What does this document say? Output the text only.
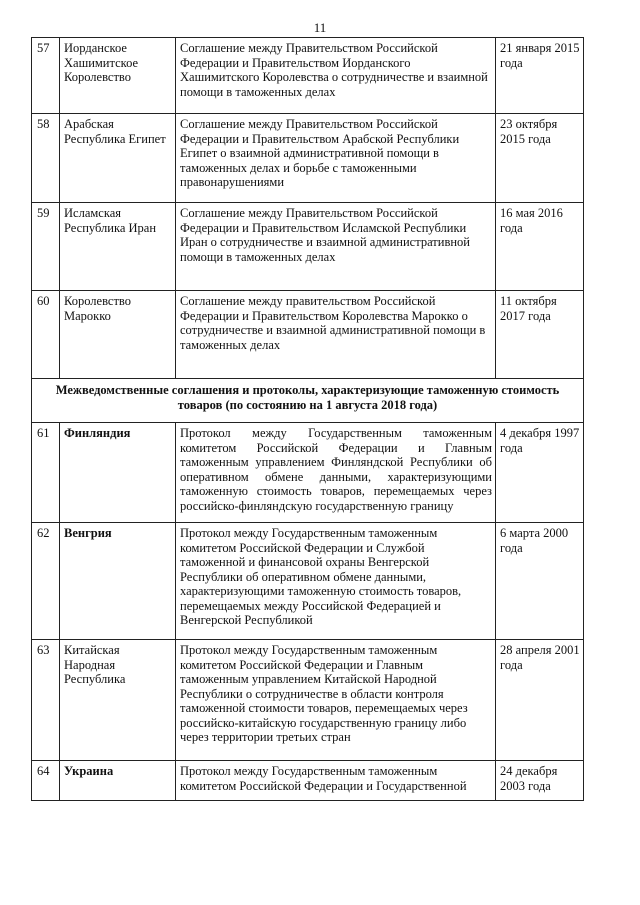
11
57	Иорданское Хашимитское Королевство	Соглашение между Правительством Российской Федерации и Правительством Иорданского Хашимитского Королевства о сотрудничестве и взаимной помощи в таможенных делах	21 января 2015 года
58	Арабская Республика Египет	Соглашение между Правительством Российской Федерации и Правительством Арабской Республики Египет о взаимной административной помощи в таможенных делах и борьбе с таможенными правонарушениями	23 октября 2015 года
59	Исламская Республика Иран	Соглашение между Правительством Российской Федерации и Правительством Исламской Республики Иран о сотрудничестве и взаимной административной помощи в таможенных делах	16 мая 2016 года
60	Королевство Марокко	Соглашение между правительством Российской Федерации и Правительством Королевства Марокко о сотрудничестве и взаимной административной помощи в таможенных делах	11 октября 2017 года
Межведомственные соглашения и протоколы, характеризующие таможенную стоимость товаров (по состоянию на 1 августа 2018 года)			
61	Финляндия	Протокол между Государственным таможенным комитетом Российской Федерации и Главным таможенным управлением Финляндской Республики об оперативном обмене данными, характеризующими таможенную стоимость товаров, перемещаемых через российско-финляндскую государственную границу	4 декабря 1997 года
62	Венгрия	Протокол между Государственным таможенным комитетом Российской Федерации и Службой таможенной и финансовой охраны Венгерской Республики об оперативном обмене данными, характеризующими таможенную стоимость товаров, перемещаемых между Российской Федерацией и Венгерской Республикой	6 марта 2000 года
63	Китайская Народная Республика	Протокол между Государственным таможенным комитетом Российской Федерации и Главным таможенным управлением Китайской Народной Республики о сотрудничестве в области контроля таможенной стоимости товаров, перемещаемых через российско-китайскую государственную границу либо через территории третьих стран	28 апреля 2001 года
64	Украина	Протокол между Государственным таможенным комитетом Российской Федерации и Государственной	24 декабря 2003 года
